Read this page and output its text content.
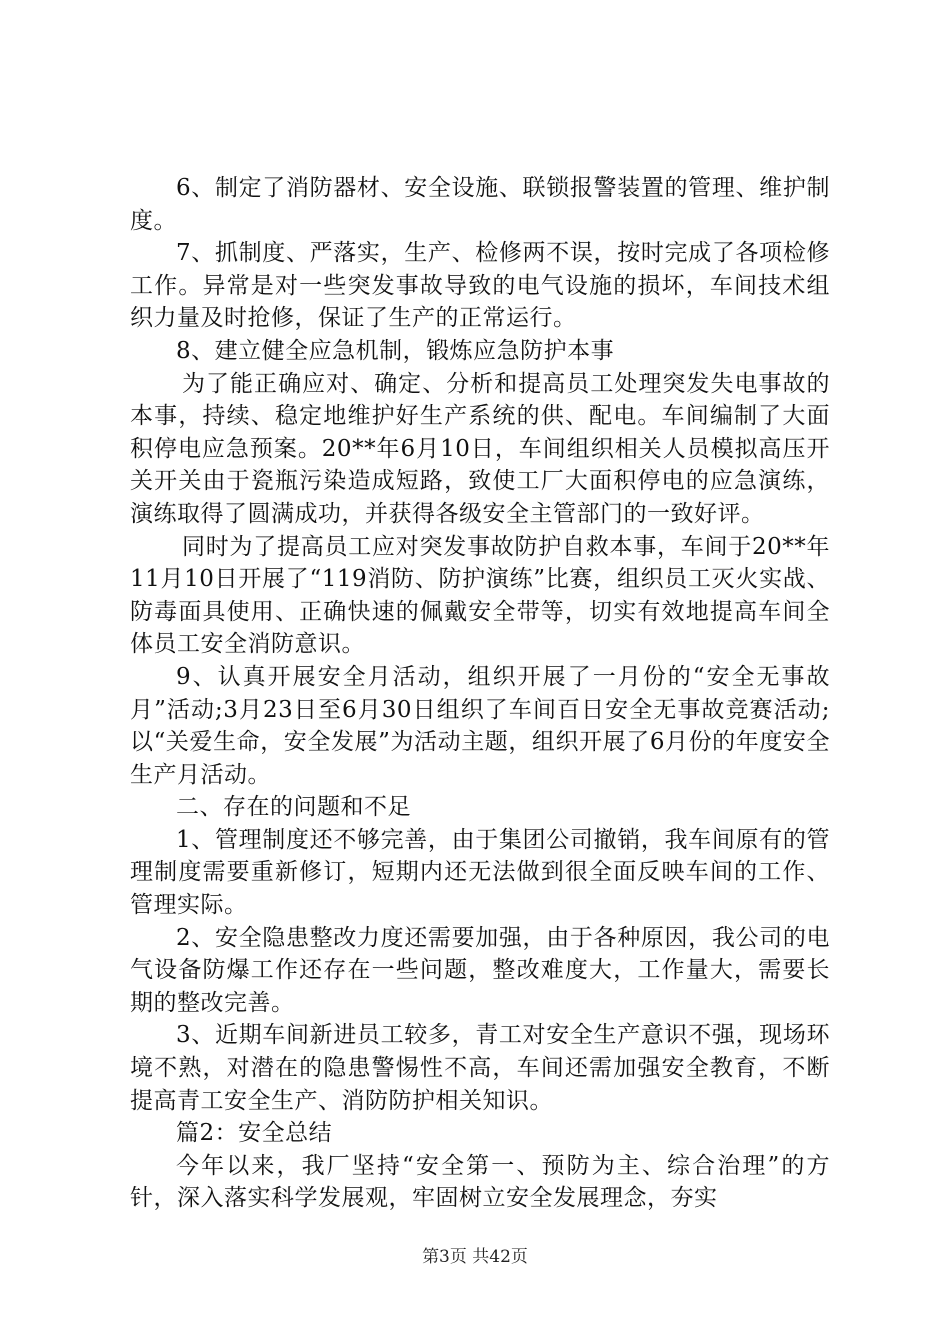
6、制定了消防器材、安全设施、联锁报警装置的管理、维护制度。

7、抓制度、严落实，生产、检修两不误，按时完成了各项检修工作。异常是对一些突发事故导致的电气设施的损坏，车间技术组织力量及时抢修，保证了生产的正常运行。

8、建立健全应急机制，锻炼应急防护本事

为了能正确应对、确定、分析和提高员工处理突发失电事故的本事，持续、稳定地维护好生产系统的供、配电。车间编制了大面积停电应急预案。20**年6月10日，车间组织相关人员模拟高压开关开关由于瓷瓶污染造成短路，致使工厂大面积停电的应急演练，演练取得了圆满成功，并获得各级安全主管部门的一致好评。

同时为了提高员工应对突发事故防护自救本事，车间于20**年11月10日开展了“119消防、防护演练”比赛，组织员工灭火实战、防毒面具使用、正确快速的佩戴安全带等，切实有效地提高车间全体员工安全消防意识。

9、认真开展安全月活动，组织开展了一月份的“安全无事故月”活动;3月23日至6月30日组织了车间百日安全无事故竞赛活动;以“关爱生命，安全发展”为活动主题，组织开展了6月份的年度安全生产月活动。

二、存在的问题和不足

1、管理制度还不够完善，由于集团公司撤销，我车间原有的管理制度需要重新修订，短期内还无法做到很全面反映车间的工作、管理实际。

2、安全隐患整改力度还需要加强，由于各种原因，我公司的电气设备防爆工作还存在一些问题，整改难度大，工作量大，需要长期的整改完善。

3、近期车间新进员工较多，青工对安全生产意识不强，现场环境不熟，对潜在的隐患警惕性不高，车间还需加强安全教育，不断提高青工安全生产、消防防护相关知识。

篇2：安全总结

今年以来，我厂坚持“安全第一、预防为主、综合治理”的方针，深入落实科学发展观，牢固树立安全发展理念，夯实

第3页 共42页
